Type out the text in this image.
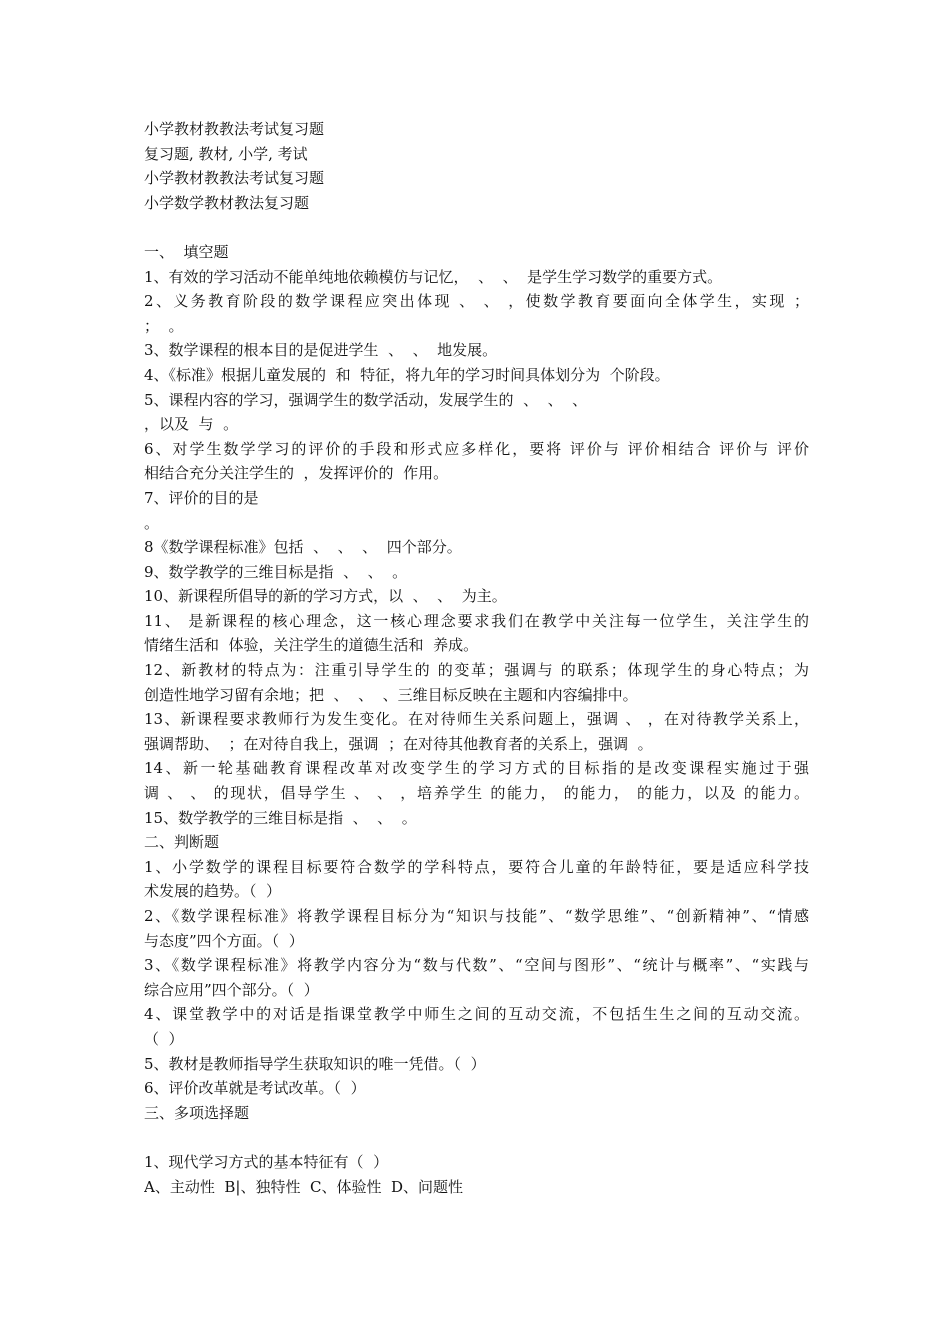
小学教材教教法考试复习题
复习题, 教材, 小学, 考试
小学教材教教法考试复习题
小学数学教材教法复习题
一、  填空题
1、有效的学习活动不能单纯地依赖模仿与记忆，  、  、  是学生学习数学的重要方式。
2、义务教育阶段的数学课程应突出体现 、 、 ，使数学教育要面向全体学生，实现 ；
；  。
3、数学课程的根本目的是促进学生  、  、  地发展。
4、《标准》根据儿童发展的  和  特征，将九年的学习时间具体划分为  个阶段。
5、课程内容的学习，强调学生的数学活动，发展学生的  、  、  、
，以及  与  。
6、对学生数学学习的评价的手段和形式应多样化，要将 评价与 评价相结合 评价与 评价
相结合充分关注学生的  ，发挥评价的  作用。
7、评价的目的是
。
8《数学课程标准》包括  、  、  、  四个部分。
9、数学教学的三维目标是指  、  、  。
10、新课程所倡导的新的学习方式，以  、  、  为主。
11、 是新课程的核心理念，这一核心理念要求我们在教学中关注每一位学生，关注学生的
情绪生活和  体验，关注学生的道德生活和  养成。
12、新教材的特点为：注重引导学生的 的变革；强调与 的联系；体现学生的身心特点；为
创造性地学习留有余地；把  、  、  、三维目标反映在主题和内容编排中。
13、新课程要求教师行为发生变化。在对待师生关系问题上，强调 、 ，在对待教学关系上，
强调帮助、  ；在对待自我上，强调  ；在对待其他教育者的关系上，强调  。
14、新一轮基础教育课程改革对改变学生的学习方式的目标指的是改变课程实施过于强
调 、 、 的现状，倡导学生 、 、 ，培养学生 的能力， 的能力， 的能力，以及 的能力。
15、数学教学的三维目标是指  、  、  。
二、判断题
1、小学数学的课程目标要符合数学的学科特点，要符合儿童的年龄特征，要是适应科学技
术发展的趋势。（  ）
2、《数学课程标准》将教学课程目标分为“知识与技能”、“数学思维”、“创新精神”、“情感
与态度”四个方面。（  ）
3、《数学课程标准》将教学内容分为“数与代数”、“空间与图形”、“统计与概率”、“实践与
综合应用”四个部分。（  ）
4、课堂教学中的对话是指课堂教学中师生之间的互动交流，不包括生生之间的互动交流。
（  ）
5、教材是教师指导学生获取知识的唯一凭借。（  ）
6、评价改革就是考试改革。（  ）
三、多项选择题
1、现代学习方式的基本特征有（  ）
A、主动性  B|、独特性  C、体验性  D、问题性
